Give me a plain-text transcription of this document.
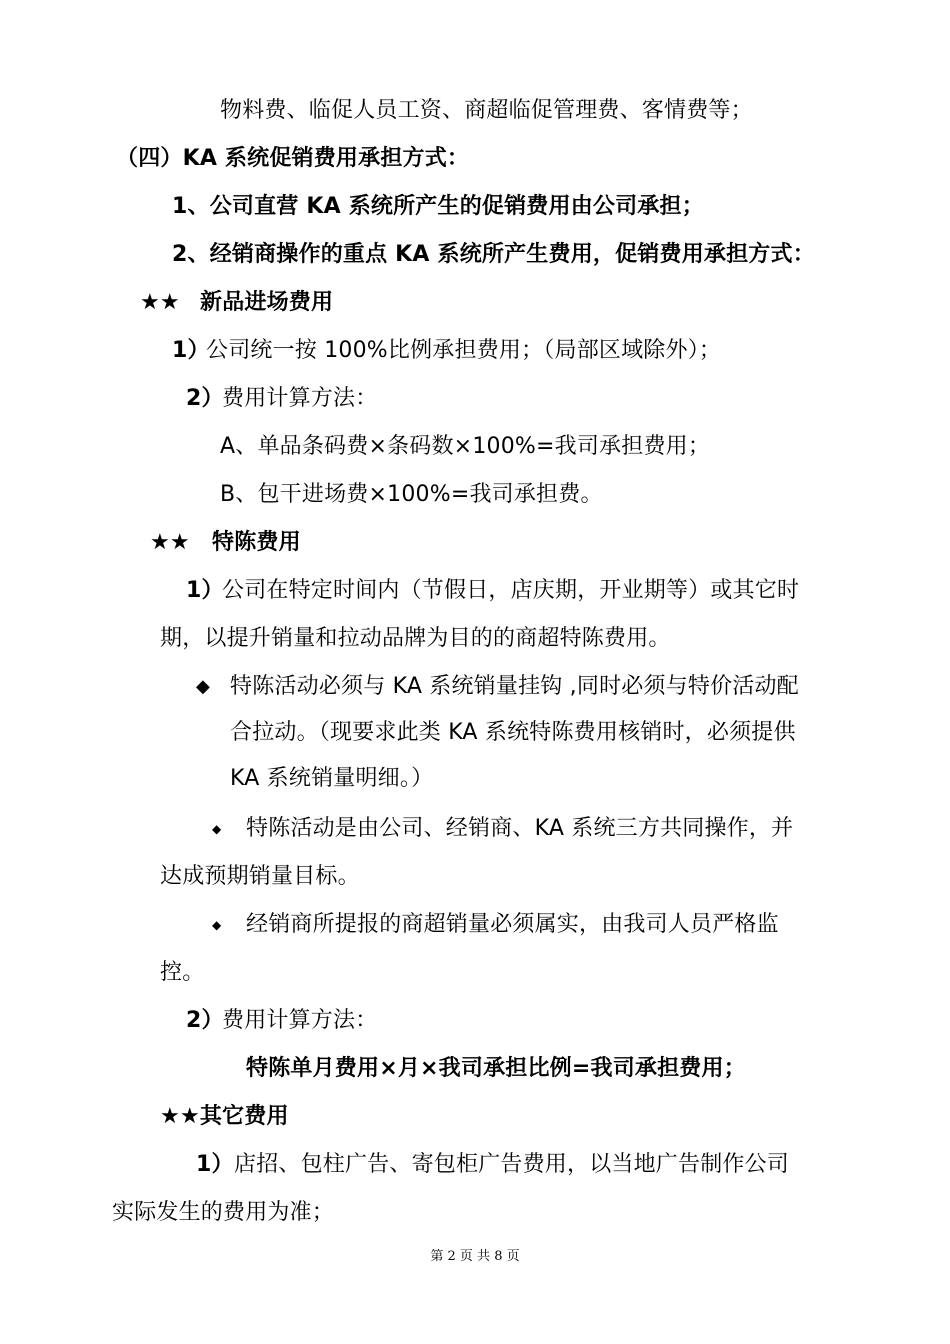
物料费、临促人员工资、商超临促管理费、客情费等；
（四）KA 系统促销费用承担方式：
1、公司直营 KA 系统所产生的促销费用由公司承担；
2、经销商操作的重点 KA 系统所产生费用，促销费用承担方式：
★★ 新品进场费用
1）
公司统一按 100%比例承担费用；（局部区域除外）；
2）
费用计算方法：
A、单品条码费×条码数×100%=我司承担费用；
B、包干进场费×100%=我司承担费。
★★ 特陈费用
1）
公司在特定时间内（节假日，店庆期，开业期等）或其它时
期，以提升销量和拉动品牌为目的的商超特陈费用。
◆ 特陈活动必须与 KA 系统销量挂钩 ,同时必须与特价活动配
合拉动。（现要求此类 KA 系统特陈费用核销时，必须提供
KA 系统销量明细。）
◆ 特陈活动是由公司、经销商、KA 系统三方共同操作，并
达成预期销量目标。
◆ 经销商所提报的商超销量必须属实，由我司人员严格监
控。
2）
费用计算方法：
特陈单月费用×月×我司承担比例=我司承担费用；
★★其它费用
1） 店招、包柱广告、寄包柜广告费用，以当地广告制作公司
实际发生的费用为准；
第 2 页 共 8 页
